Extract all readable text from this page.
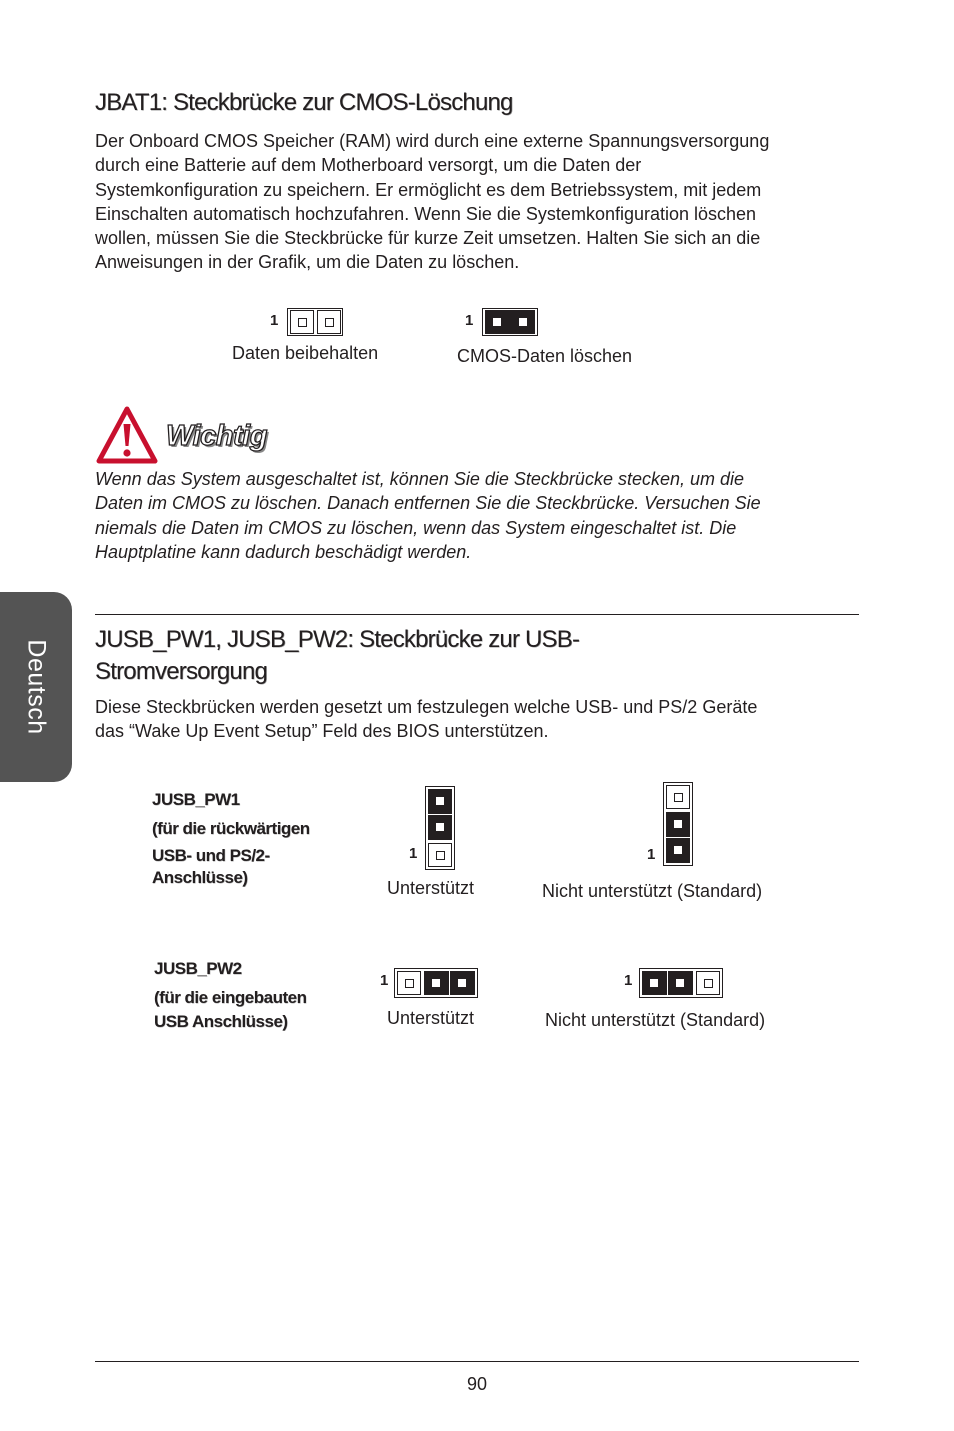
Deutsch
JBAT1: Steckbrücke zur CMOS-Löschung
Der Onboard CMOS Speicher (RAM) wird durch eine externe Spannungsversorgung
durch eine Batterie auf dem Motherboard versorgt, um die Daten der
Systemkonfiguration zu speichern. Er ermöglicht es dem Betriebssystem, mit jedem
Einschalten automatisch hochzufahren. Wenn Sie die Systemkonfiguration löschen
wollen, müssen Sie die Steckbrücke für kurze Zeit umsetzen. Halten Sie sich an die
Anweisungen in der Grafik, um die Daten zu löschen.
1
Daten beibehalten
1
CMOS-Daten löschen
Wichtig
Wenn das System ausgeschaltet ist, können Sie die Steckbrücke stecken, um die
Daten im CMOS zu löschen. Danach entfernen Sie die Steckbrücke. Versuchen Sie
niemals die Daten im CMOS zu löschen, wenn das System eingeschaltet ist. Die
Hauptplatine kann dadurch beschädigt werden.
JUSB_PW1, JUSB_PW2: Steckbrücke zur USB-
Stromversorgung
Diese Steckbrücken werden gesetzt um festzulegen welche USB- und PS/2 Geräte
das “Wake Up Event Setup” Feld des BIOS unterstützen.
JUSB_PW1
(für die rückwärtigen
USB- und PS/2-
Anschlüsse)
1
Unterstützt
1
Nicht unterstützt (Standard)
JUSB_PW2
(für die eingebauten
USB Anschlüsse)
1
Unterstützt
1
Nicht unterstützt (Standard)
90
